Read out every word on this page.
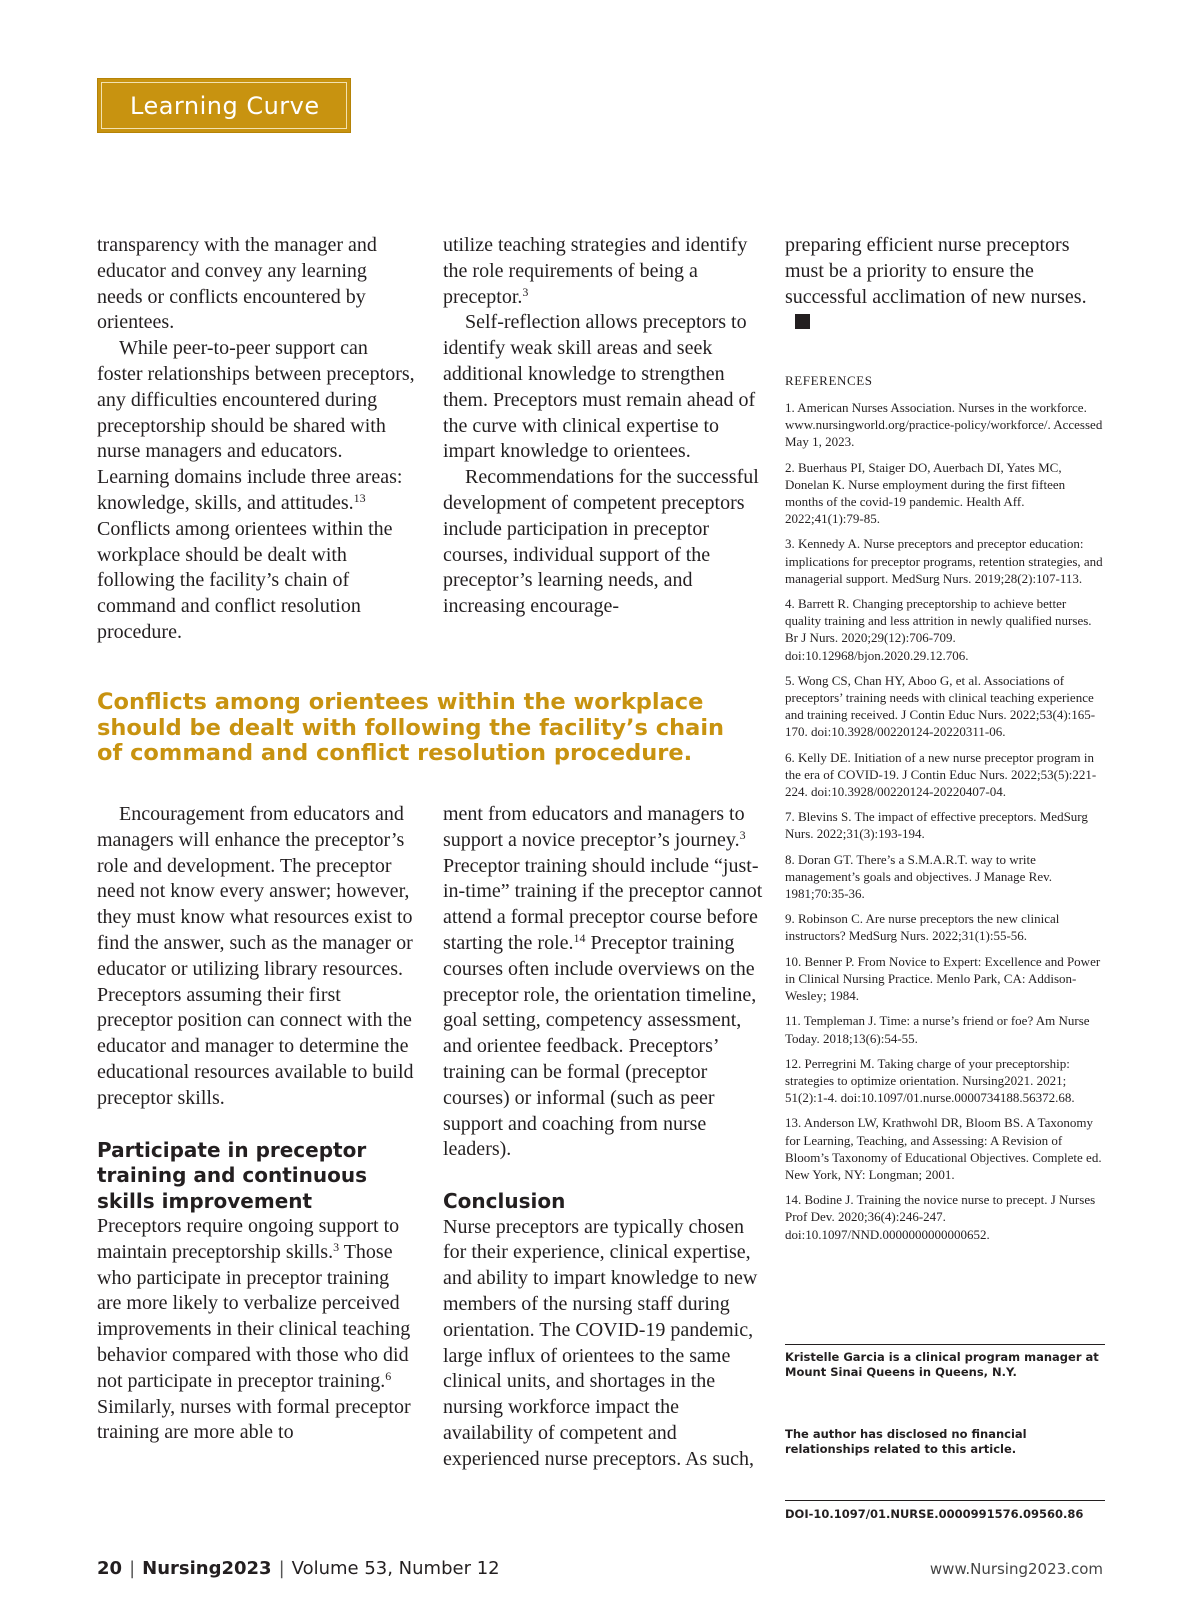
Learning Curve

transparency with the manager and educator and convey any learning needs or conflicts encountered by orientees.

While peer-to-peer support can foster relationships between preceptors, any difficulties encountered during preceptorship should be shared with nurse managers and educators. Learning domains include three areas: knowledge, skills, and attitudes.$^{13}$ Conflicts among orientees within the workplace should be dealt with following the facility’s chain of command and conflict resolution procedure.

utilize teaching strategies and identify the role requirements of being a preceptor.$^3$

Self-reflection allows preceptors to identify weak skill areas and seek additional knowledge to strengthen them. Preceptors must remain ahead of the curve with clinical expertise to impart knowledge to orientees.

Recommendations for the successful development of competent preceptors include participation in preceptor courses, individual support of the preceptor’s learning needs, and increasing encourage-

preparing efficient nurse preceptors must be a priority to ensure the successful acclimation of new nurses.

Conflicts among orientees within the workplace should be dealt with following the facility’s chain of command and conflict resolution procedure.

Encouragement from educators and managers will enhance the preceptor’s role and development. The preceptor need not know every answer; however, they must know what resources exist to find the answer, such as the manager or educator or utilizing library resources. Preceptors assuming their first preceptor position can connect with the educator and manager to determine the educational resources available to build preceptor skills.

Participate in preceptor training and continuous skills improvement

Preceptors require ongoing support to maintain preceptorship skills.$^3$ Those who participate in preceptor training are more likely to verbalize perceived improvements in their clinical teaching behavior compared with those who did not participate in preceptor training.$^6$ Similarly, nurses with formal preceptor training are more able to

ment from educators and managers to support a novice preceptor’s journey.$^3$ Preceptor training should include “just-in-time” training if the preceptor cannot attend a formal preceptor course before starting the role.$^{14}$ Preceptor training courses often include overviews on the preceptor role, the orientation timeline, goal setting, competency assessment, and orientee feedback. Preceptors’ training can be formal (preceptor courses) or informal (such as peer support and coaching from nurse leaders).

Conclusion

Nurse preceptors are typically chosen for their experience, clinical expertise, and ability to impart knowledge to new members of the nursing staff during orientation. The COVID-19 pandemic, large influx of orientees to the same clinical units, and shortages in the nursing workforce impact the availability of competent and experienced nurse preceptors. As such,

REFERENCES

1. American Nurses Association. Nurses in the workforce. www.nursingworld.org/practice-policy/workforce/. Accessed May 1, 2023.

2. Buerhaus PI, Staiger DO, Auerbach DI, Yates MC, Donelan K. Nurse employment during the first fifteen months of the covid-19 pandemic. Health Aff. 2022;41(1):79-85.

3. Kennedy A. Nurse preceptors and preceptor education: implications for preceptor programs, retention strategies, and managerial support. MedSurg Nurs. 2019;28(2):107-113.

4. Barrett R. Changing preceptorship to achieve better quality training and less attrition in newly qualified nurses. Br J Nurs. 2020;29(12):706-709. doi:10.12968/bjon.2020.29.12.706.

5. Wong CS, Chan HY, Aboo G, et al. Associations of preceptors’ training needs with clinical teaching experience and training received. J Contin Educ Nurs. 2022;53(4):165-170. doi:10.3928/00220124-20220311-06.

6. Kelly DE. Initiation of a new nurse preceptor program in the era of COVID-19. J Contin Educ Nurs. 2022;53(5):221-224. doi:10.3928/00220124-20220407-04.

7. Blevins S. The impact of effective preceptors. MedSurg Nurs. 2022;31(3):193-194.

8. Doran GT. There’s a S.M.A.R.T. way to write management’s goals and objectives. J Manage Rev. 1981;70:35-36.

9. Robinson C. Are nurse preceptors the new clinical instructors? MedSurg Nurs. 2022;31(1):55-56.

10. Benner P. From Novice to Expert: Excellence and Power in Clinical Nursing Practice. Menlo Park, CA: Addison-Wesley; 1984.

11. Templeman J. Time: a nurse’s friend or foe? Am Nurse Today. 2018;13(6):54-55.

12. Perregrini M. Taking charge of your preceptorship: strategies to optimize orientation. Nursing2021. 2021; 51(2):1-4. doi:10.1097/01.nurse.0000734188.56372.68.

13. Anderson LW, Krathwohl DR, Bloom BS. A Taxonomy for Learning, Teaching, and Assessing: A Revision of Bloom’s Taxonomy of Educational Objectives. Complete ed. New York, NY: Longman; 2001.

14. Bodine J. Training the novice nurse to precept. J Nurses Prof Dev. 2020;36(4):246-247. doi:10.1097/NND.0000000000000652.

Kristelle Garcia is a clinical program manager at Mount Sinai Queens in Queens, N.Y.
The author has disclosed no financial relationships related to this article.
DOI-10.1097/01.NURSE.0000991576.09560.86
20 | Nursing2023 | Volume 53, Number 12	www.Nursing2023.com
